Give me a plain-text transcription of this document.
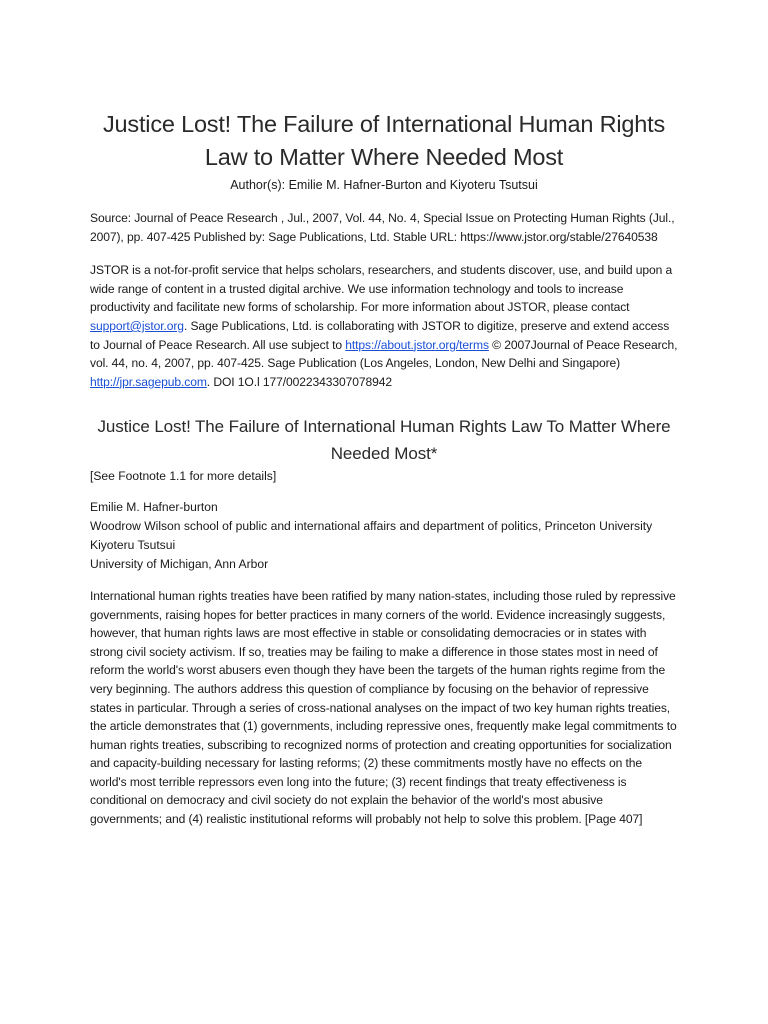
Justice Lost! The Failure of International Human Rights Law to Matter Where Needed Most

Author(s): Emilie M. Hafner-Burton and Kiyoteru Tsutsui

Source: Journal of Peace Research , Jul., 2007, Vol. 44, No. 4, Special Issue on Protecting Human Rights (Jul., 2007), pp. 407-425 Published by: Sage Publications, Ltd. Stable URL: https://www.jstor.org/stable/27640538

JSTOR is a not-for-profit service that helps scholars, researchers, and students discover, use, and build upon a wide range of content in a trusted digital archive. We use information technology and tools to increase productivity and facilitate new forms of scholarship. For more information about JSTOR, please contact support@jstor.org. Sage Publications, Ltd. is collaborating with JSTOR to digitize, preserve and extend access to Journal of Peace Research. All use subject to https://about.jstor.org/terms © 2007Journal of Peace Research, vol. 44, no. 4, 2007, pp. 407-425. Sage Publication (Los Angeles, London, New Delhi and Singapore) http://jpr.sagepub.com. DOI 1O.l 177/0022343307078942

Justice Lost! The Failure of International Human Rights Law To Matter Where Needed Most*

[See Footnote 1.1 for more details]

Emilie M. Hafner-burton
Woodrow Wilson school of public and international affairs and department of politics, Princeton University
Kiyoteru Tsutsui
University of Michigan, Ann Arbor

International human rights treaties have been ratified by many nation-states, including those ruled by repressive governments, raising hopes for better practices in many corners of the world. Evidence increasingly suggests, however, that human rights laws are most effective in stable or consolidating democracies or in states with strong civil society activism. If so, treaties may be failing to make a difference in those states most in need of reform the world's worst abusers even though they have been the targets of the human rights regime from the very beginning. The authors address this question of compliance by focusing on the behavior of repressive states in particular. Through a series of cross-national analyses on the impact of two key human rights treaties, the article demonstrates that (1) governments, including repressive ones, frequently make legal commitments to human rights treaties, subscribing to recognized norms of protection and creating opportunities for socialization and capacity-building necessary for lasting reforms; (2) these commitments mostly have no effects on the world's most terrible repressors even long into the future; (3) recent findings that treaty effectiveness is conditional on democracy and civil society do not explain the behavior of the world's most abusive governments; and (4) realistic institutional reforms will probably not help to solve this problem. [Page 407]
